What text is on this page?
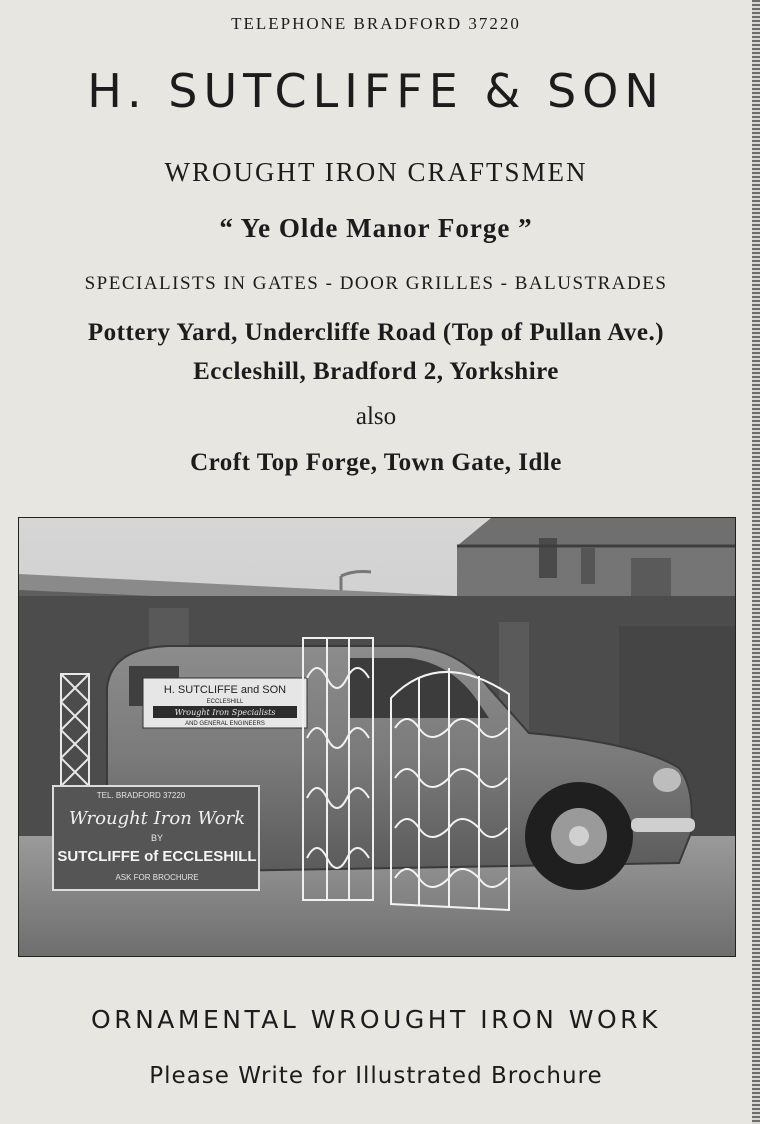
TELEPHONE BRADFORD 37220
H. SUTCLIFFE & SON
WROUGHT IRON CRAFTSMEN
“ Ye Olde Manor Forge ”
SPECIALISTS IN GATES - DOOR GRILLES - BALUSTRADES
Pottery Yard, Undercliffe Road (Top of Pullan Ave.)
Eccleshill, Bradford 2, Yorkshire
also
Croft Top Forge, Town Gate, Idle
H. SUTCLIFFE and SON
ECCLESHILL
Wrought Iron Specialists
AND GENERAL ENGINEERS
TEL. BRADFORD 37220
Wrought Iron Work
BY
SUTCLIFFE of ECCLESHILL
ASK FOR BROCHURE
ORNAMENTAL WROUGHT IRON WORK
Please Write for Illustrated Brochure
